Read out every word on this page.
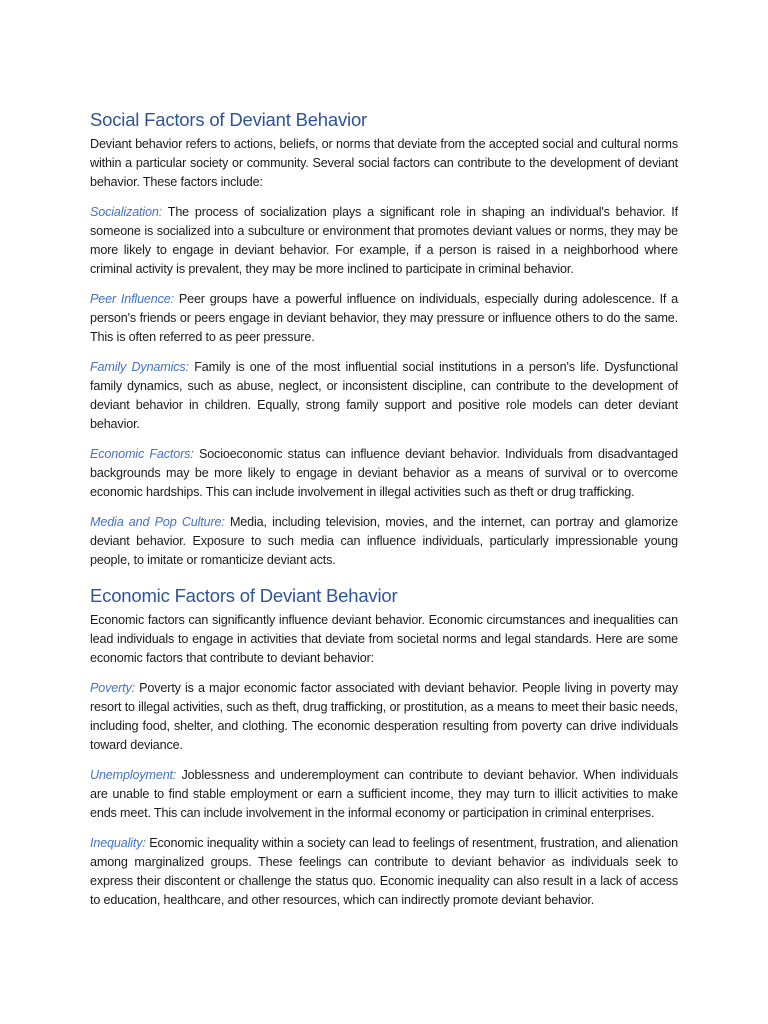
Social Factors of Deviant Behavior

Deviant behavior refers to actions, beliefs, or norms that deviate from the accepted social and cultural norms within a particular society or community. Several social factors can contribute to the development of deviant behavior. These factors include:

Socialization: The process of socialization plays a significant role in shaping an individual's behavior. If someone is socialized into a subculture or environment that promotes deviant values or norms, they may be more likely to engage in deviant behavior. For example, if a person is raised in a neighborhood where criminal activity is prevalent, they may be more inclined to participate in criminal behavior.

Peer Influence: Peer groups have a powerful influence on individuals, especially during adolescence. If a person's friends or peers engage in deviant behavior, they may pressure or influence others to do the same. This is often referred to as peer pressure.

Family Dynamics: Family is one of the most influential social institutions in a person's life. Dysfunctional family dynamics, such as abuse, neglect, or inconsistent discipline, can contribute to the development of deviant behavior in children. Equally, strong family support and positive role models can deter deviant behavior.

Economic Factors: Socioeconomic status can influence deviant behavior. Individuals from disadvantaged backgrounds may be more likely to engage in deviant behavior as a means of survival or to overcome economic hardships. This can include involvement in illegal activities such as theft or drug trafficking.

Media and Pop Culture: Media, including television, movies, and the internet, can portray and glamorize deviant behavior. Exposure to such media can influence individuals, particularly impressionable young people, to imitate or romanticize deviant acts.

Economic Factors of Deviant Behavior

Economic factors can significantly influence deviant behavior. Economic circumstances and inequalities can lead individuals to engage in activities that deviate from societal norms and legal standards. Here are some economic factors that contribute to deviant behavior:

Poverty: Poverty is a major economic factor associated with deviant behavior. People living in poverty may resort to illegal activities, such as theft, drug trafficking, or prostitution, as a means to meet their basic needs, including food, shelter, and clothing. The economic desperation resulting from poverty can drive individuals toward deviance.

Unemployment: Joblessness and underemployment can contribute to deviant behavior. When individuals are unable to find stable employment or earn a sufficient income, they may turn to illicit activities to make ends meet. This can include involvement in the informal economy or participation in criminal enterprises.

Inequality: Economic inequality within a society can lead to feelings of resentment, frustration, and alienation among marginalized groups. These feelings can contribute to deviant behavior as individuals seek to express their discontent or challenge the status quo. Economic inequality can also result in a lack of access to education, healthcare, and other resources, which can indirectly promote deviant behavior.
